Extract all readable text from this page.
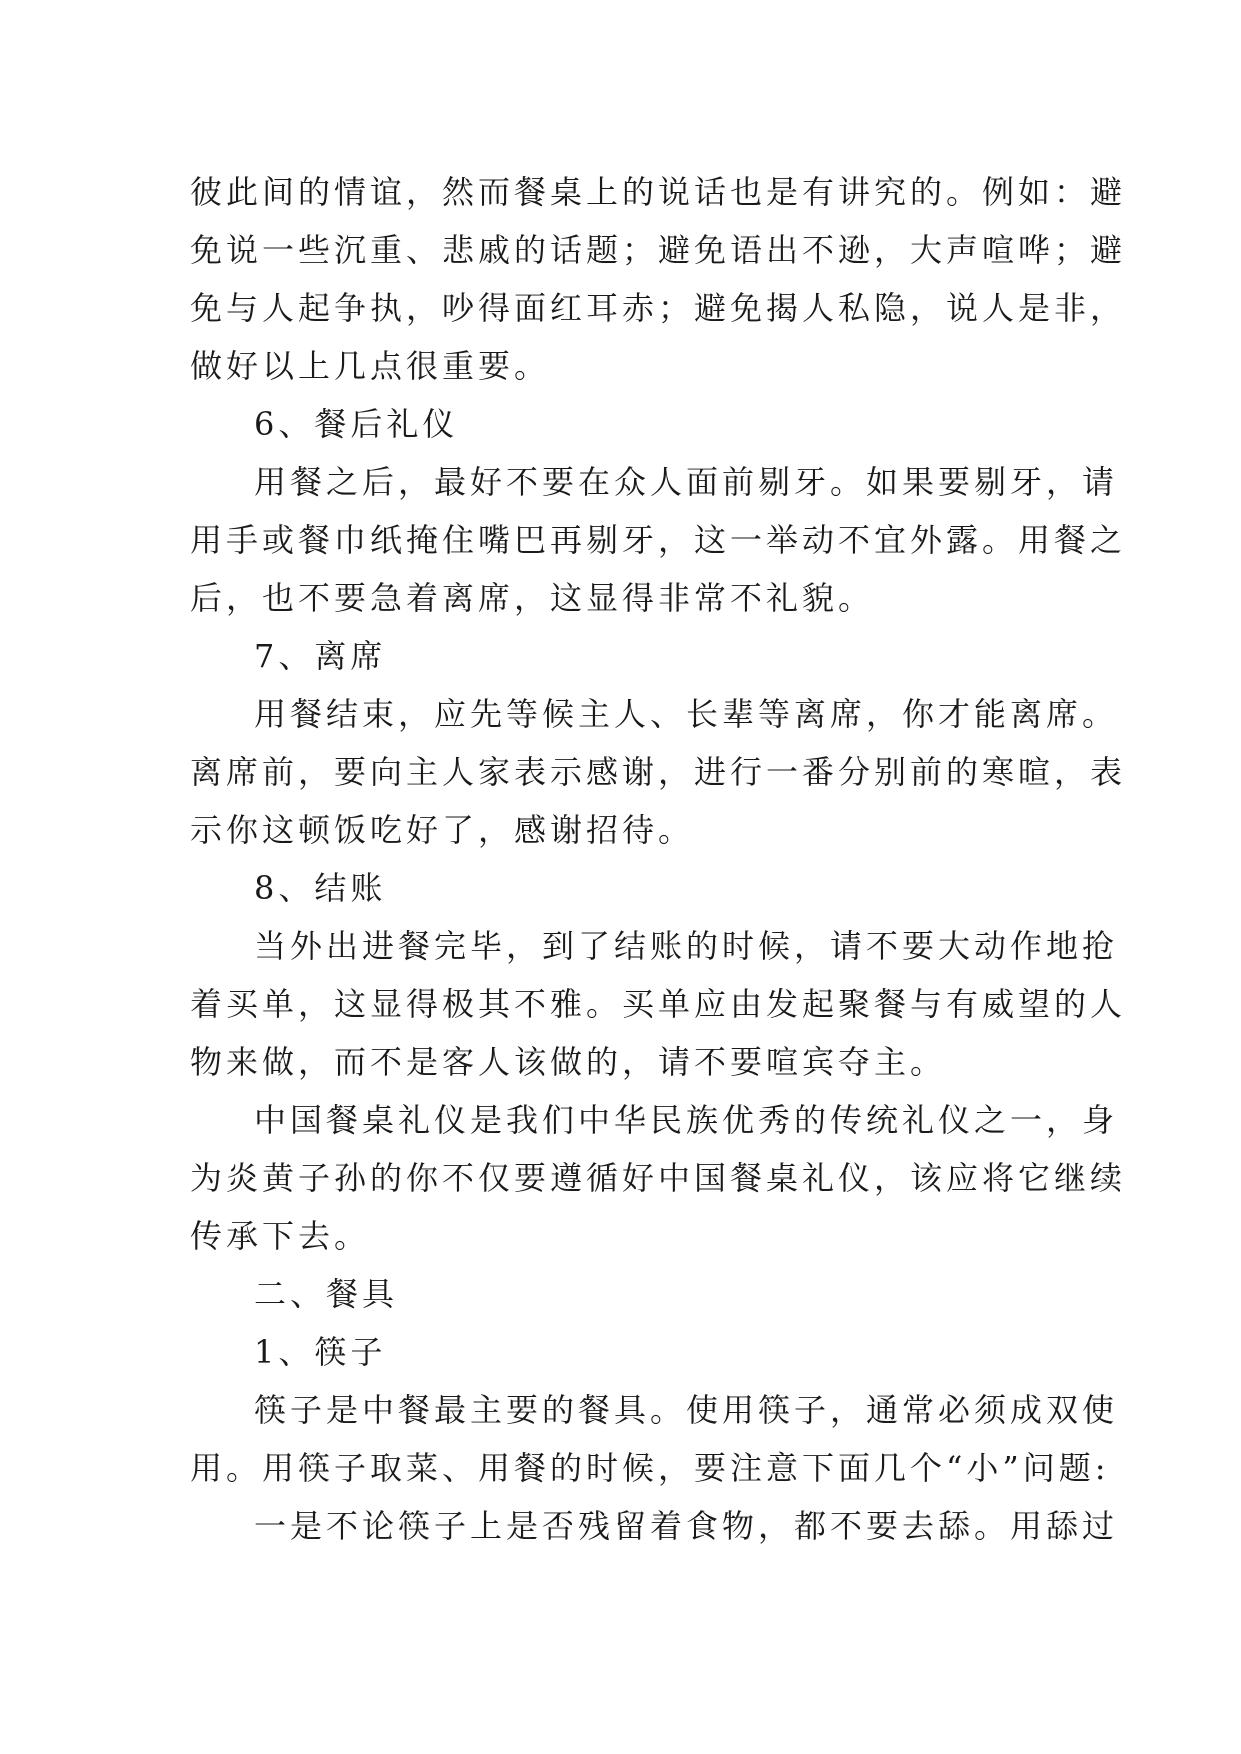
彼此间的情谊，然而餐桌上的说话也是有讲究的。例如：避
免说一些沉重、悲戚的话题；避免语出不逊，大声喧哗；避
免与人起争执，吵得面红耳赤；避免揭人私隐，说人是非，
做好以上几点很重要。
6、餐后礼仪
用餐之后，最好不要在众人面前剔牙。如果要剔牙，请
用手或餐巾纸掩住嘴巴再剔牙，这一举动不宜外露。用餐之
后，也不要急着离席，这显得非常不礼貌。
7、离席
用餐结束，应先等候主人、长辈等离席，你才能离席。
离席前，要向主人家表示感谢，进行一番分别前的寒暄，表
示你这顿饭吃好了，感谢招待。
8、结账
当外出进餐完毕，到了结账的时候，请不要大动作地抢
着买单，这显得极其不雅。买单应由发起聚餐与有威望的人
物来做，而不是客人该做的，请不要喧宾夺主。
中国餐桌礼仪是我们中华民族优秀的传统礼仪之一，身
为炎黄子孙的你不仅要遵循好中国餐桌礼仪，该应将它继续
传承下去。
二、餐具
1、筷子
筷子是中餐最主要的餐具。使用筷子，通常必须成双使
用。用筷子取菜、用餐的时候，要注意下面几个“小”问题:
一是不论筷子上是否残留着食物，都不要去舔。用舔过
